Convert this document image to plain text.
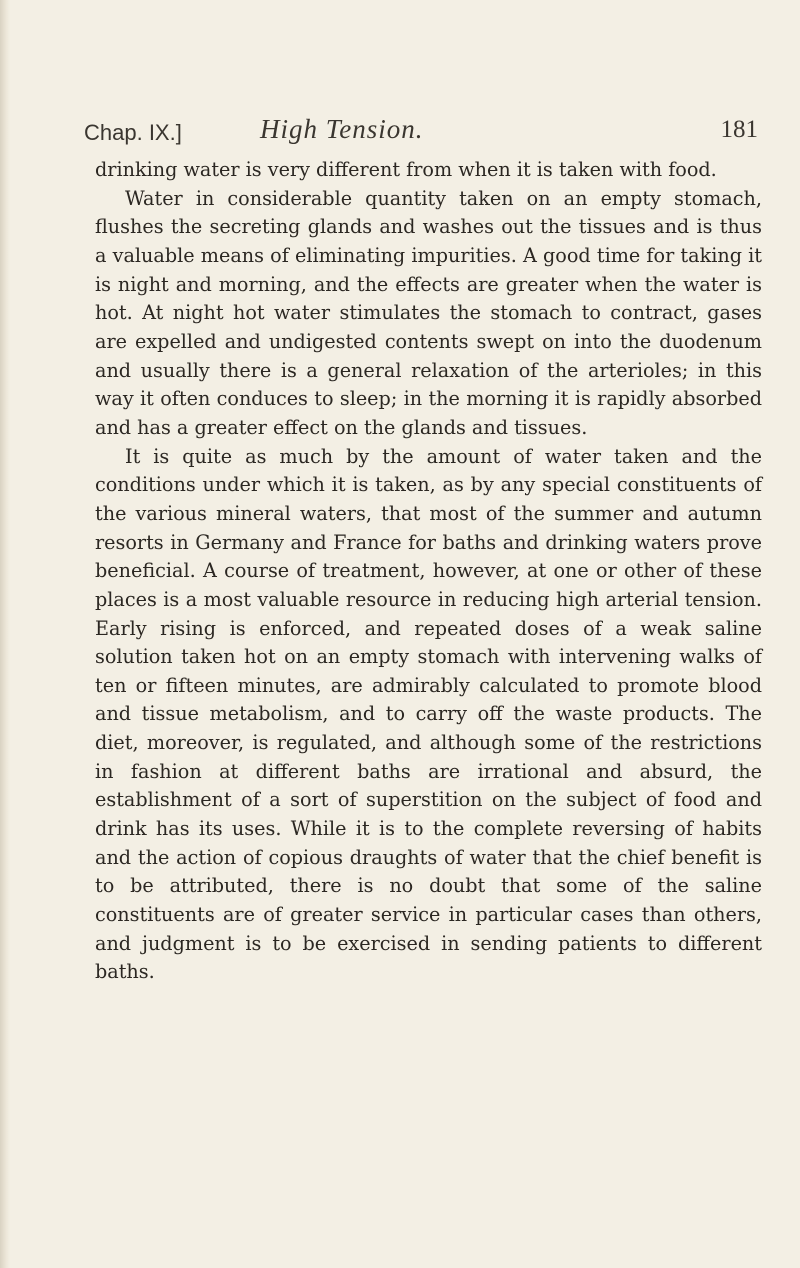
Chap. IX.]	High Tension.	181

drinking water is very different from when it is taken with food.

Water in considerable quantity taken on an empty stomach, flushes the secreting glands and washes out the tissues and is thus a valuable means of eliminating impurities. A good time for taking it is night and morning, and the effects are greater when the water is hot. At night hot water stimulates the stomach to contract, gases are expelled and undigested contents swept on into the duodenum and usually there is a general relaxation of the arterioles; in this way it often conduces to sleep; in the morning it is rapidly absorbed and has a greater effect on the glands and tissues.

It is quite as much by the amount of water taken and the conditions under which it is taken, as by any special constituents of the various mineral waters, that most of the summer and autumn resorts in Germany and France for baths and drinking waters prove beneficial. A course of treatment, however, at one or other of these places is a most valuable resource in reducing high arterial tension. Early rising is enforced, and repeated doses of a weak saline solution taken hot on an empty stomach with intervening walks of ten or fifteen minutes, are admirably calculated to promote blood and tissue metabolism, and to carry off the waste products. The diet, moreover, is regulated, and although some of the restrictions in fashion at different baths are irrational and absurd, the establishment of a sort of superstition on the subject of food and drink has its uses. While it is to the complete reversing of habits and the action of copious draughts of water that the chief benefit is to be attributed, there is no doubt that some of the saline constituents are of greater service in particular cases than others, and judgment is to be exercised in sending patients to different baths.
